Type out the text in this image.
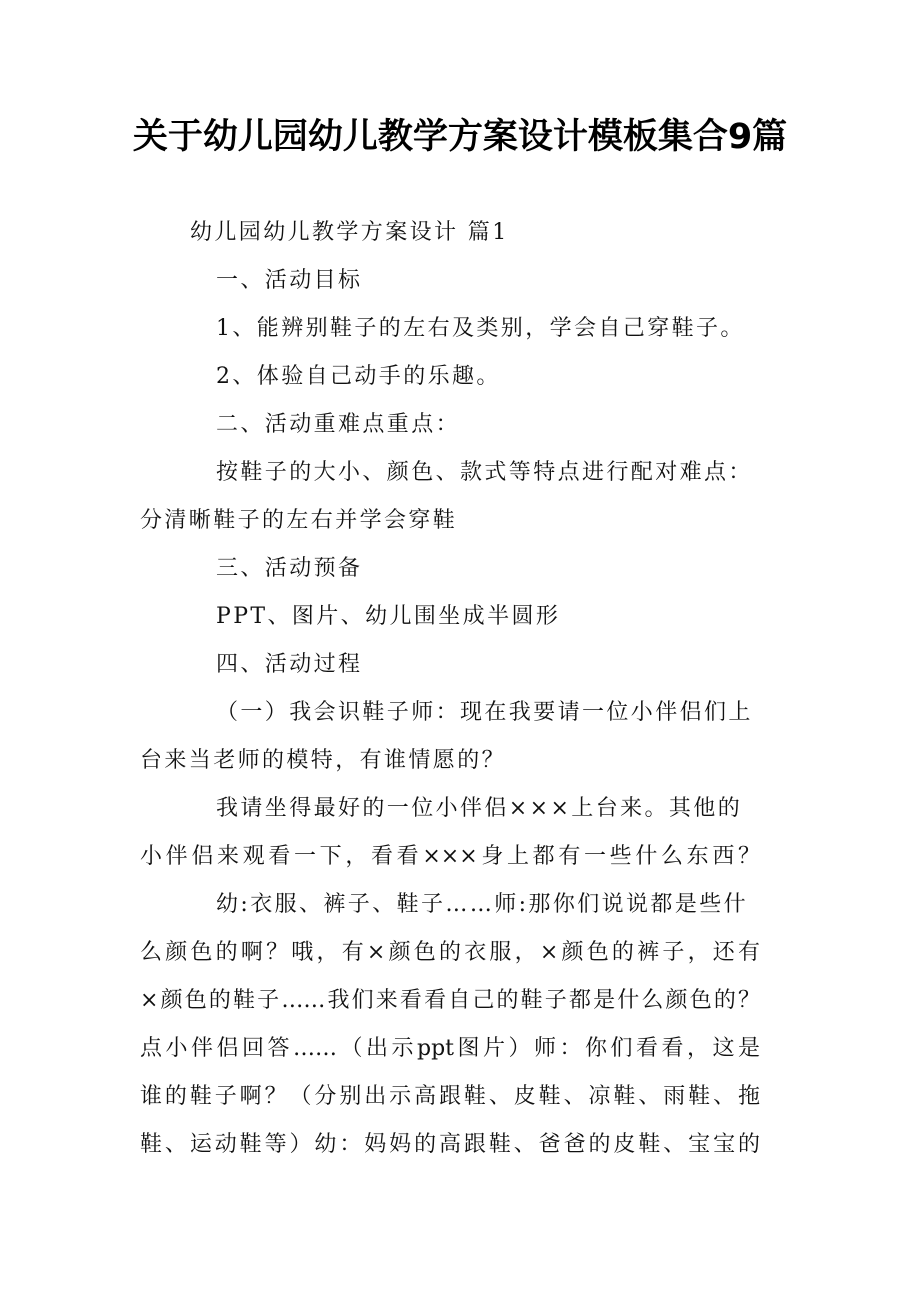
关于幼儿园幼儿教学方案设计模板集合9篇
幼儿园幼儿教学方案设计 篇1
一、活动目标
1、能辨别鞋子的左右及类别，学会自己穿鞋子。
2、体验自己动手的乐趣。
二、活动重难点重点：
按鞋子的大小、颜色、款式等特点进行配对难点：
分清晰鞋子的左右并学会穿鞋
三、活动预备
PPT、图片、幼儿围坐成半圆形
四、活动过程
（一）我会识鞋子师：现在我要请一位小伴侣们上
台来当老师的模特，有谁情愿的？
我请坐得最好的一位小伴侣×××上台来。其他的
小伴侣来观看一下，看看×××身上都有一些什么东西？
幼:衣服、裤子、鞋子……师:那你们说说都是些什
么颜色的啊？哦，有×颜色的衣服，×颜色的裤子，还有
×颜色的鞋子……我们来看看自己的鞋子都是什么颜色的？
点小伴侣回答……（出示ppt图片）师：你们看看，这是
谁的鞋子啊？（分别出示高跟鞋、皮鞋、凉鞋、雨鞋、拖
鞋、运动鞋等）幼：妈妈的高跟鞋、爸爸的皮鞋、宝宝的
